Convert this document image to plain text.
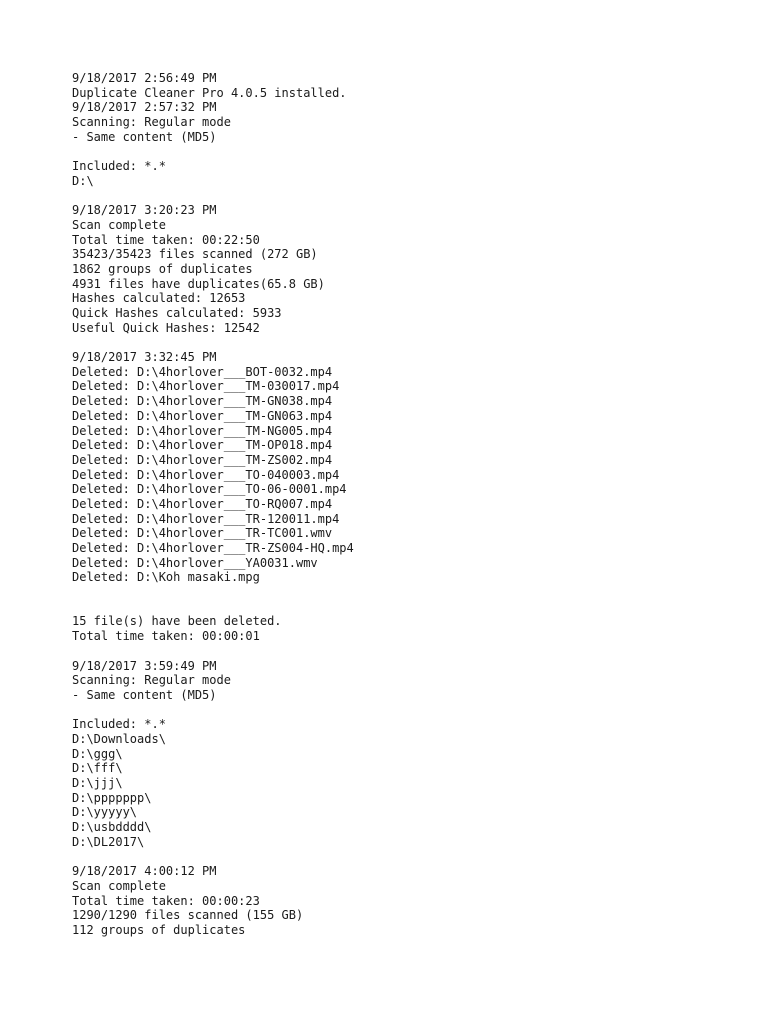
9/18/2017 2:56:49 PM
Duplicate Cleaner Pro 4.0.5 installed.
9/18/2017 2:57:32 PM
Scanning: Regular mode
- Same content (MD5)
Included: *.*
D:\
9/18/2017 3:20:23 PM
Scan complete
Total time taken: 00:22:50
35423/35423 files scanned (272 GB)
1862 groups of duplicates
4931 files have duplicates(65.8 GB)
Hashes calculated: 12653
Quick Hashes calculated: 5933
Useful Quick Hashes: 12542
9/18/2017 3:32:45 PM
Deleted: D:\4horlover___BOT-0032.mp4
Deleted: D:\4horlover___TM-030017.mp4
Deleted: D:\4horlover___TM-GN038.mp4
Deleted: D:\4horlover___TM-GN063.mp4
Deleted: D:\4horlover___TM-NG005.mp4
Deleted: D:\4horlover___TM-OP018.mp4
Deleted: D:\4horlover___TM-ZS002.mp4
Deleted: D:\4horlover___TO-040003.mp4
Deleted: D:\4horlover___TO-06-0001.mp4
Deleted: D:\4horlover___TO-RQ007.mp4
Deleted: D:\4horlover___TR-120011.mp4
Deleted: D:\4horlover___TR-TC001.wmv
Deleted: D:\4horlover___TR-ZS004-HQ.mp4
Deleted: D:\4horlover___YA0031.wmv
Deleted: D:\Koh masaki.mpg
15 file(s) have been deleted.
Total time taken: 00:00:01
9/18/2017 3:59:49 PM
Scanning: Regular mode
- Same content (MD5)
Included: *.*
D:\Downloads\
D:\ggg\
D:\fff\
D:\jjj\
D:\ppppppp\
D:\yyyyy\
D:\usbdddd\
D:\DL2017\
9/18/2017 4:00:12 PM
Scan complete
Total time taken: 00:00:23
1290/1290 files scanned (155 GB)
112 groups of duplicates
